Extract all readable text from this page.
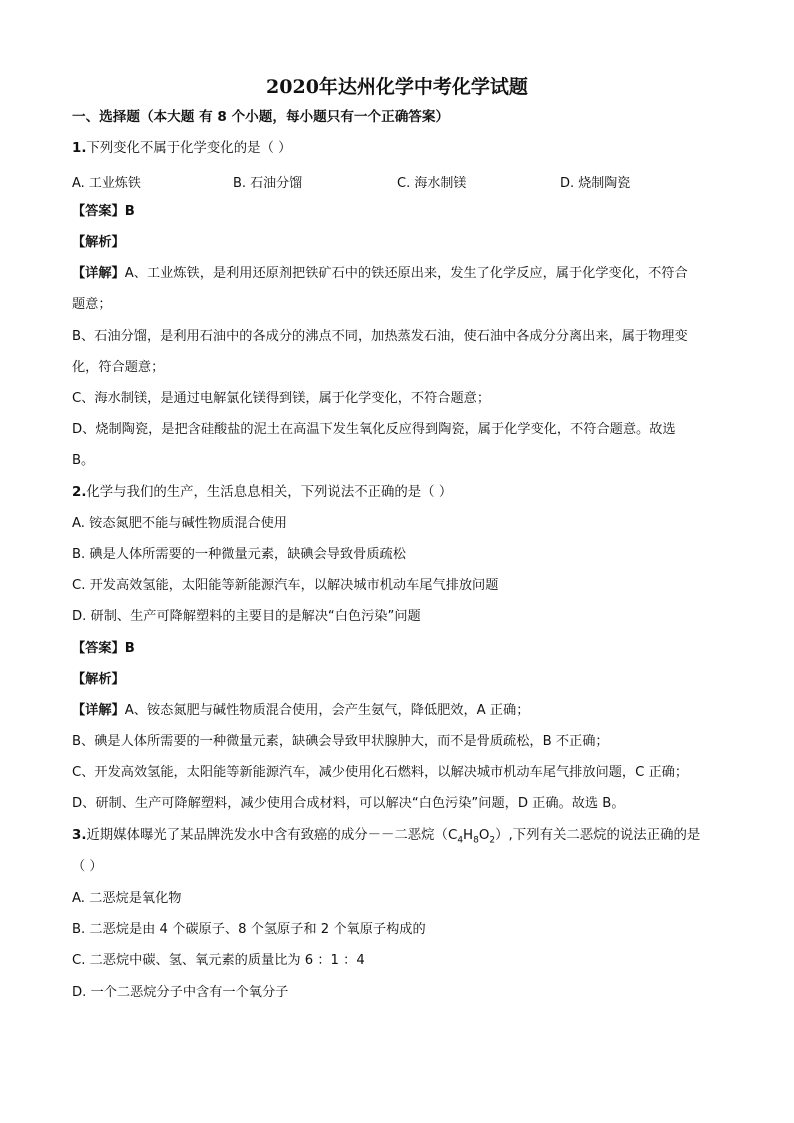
2020年达州化学中考化学试题
一、选择题（本大题 有 8 个小题，每小题只有一个正确答案）
1.下列变化不属于化学变化的是（ ）
A. 工业炼铁	B. 石油分馏	C. 海水制镁	D. 烧制陶瓷
【答案】B
【解析】
【详解】A、工业炼铁，是利用还原剂把铁矿石中的铁还原出来，发生了化学反应，属于化学变化，不符合
题意；
B、石油分馏，是利用石油中的各成分的沸点不同，加热蒸发石油，使石油中各成分分离出来，属于物理变
化，符合题意；
C、海水制镁，是通过电解氯化镁得到镁，属于化学变化，不符合题意；
D、烧制陶瓷，是把含硅酸盐的泥土在高温下发生氧化反应得到陶瓷，属于化学变化，不符合题意。故选
B。
2.化学与我们的生产，生活息息相关，下列说法不正确的是（ ）
A. 铵态氮肥不能与碱性物质混合使用
B. 碘是人体所需要的一种微量元素，缺碘会导致骨质疏松
C. 开发高效氢能，太阳能等新能源汽车，以解决城市机动车尾气排放问题
D. 研制、生产可降解塑料的主要目的是解决“白色污染”问题
【答案】B
【解析】
【详解】A、铵态氮肥与碱性物质混合使用，会产生氨气，降低肥效，A 正确；
B、碘是人体所需要的一种微量元素，缺碘会导致甲状腺肿大，而不是骨质疏松，B 不正确；
C、开发高效氢能，太阳能等新能源汽车，减少使用化石燃料，以解决城市机动车尾气排放问题，C 正确；
D、研制、生产可降解塑料，减少使用合成材料，可以解决“白色污染”问题，D 正确。故选 B。
3.近期媒体曝光了某品牌洗发水中含有致癌的成分－－二恶烷$(C_4H_8O_2)$,下列有关二恶烷的说法正确的是
（ ）
A. 二恶烷是氧化物
B. 二恶烷是由 4 个碳原子、8 个氢原子和 2 个氧原子构成的
C. 二恶烷中碳、氢、氧元素的质量比为 6 ：1 ：4
D. 一个二恶烷分子中含有一个氧分子
